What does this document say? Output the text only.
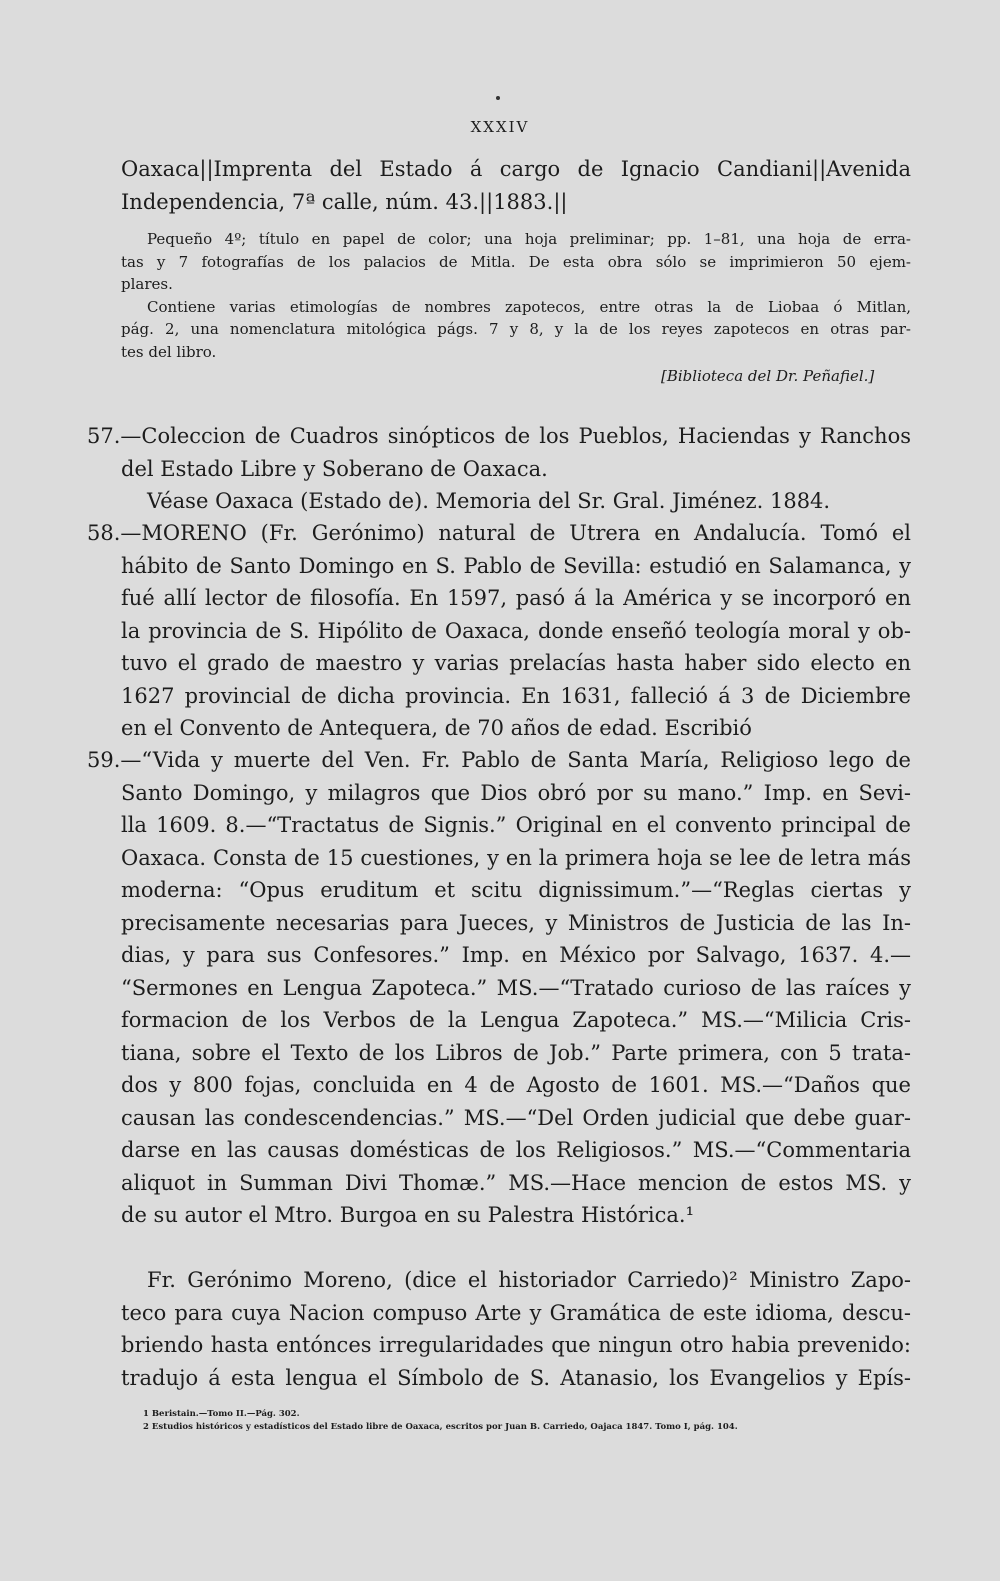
XXXIV
Oaxaca||Imprenta del Estado á cargo de Ignacio Candiani||Avenida
Independencia, 7ª calle, núm. 43.||1883.||
Pequeño 4º; título en papel de color; una hoja preliminar; pp. 1–81, una hoja de erra-
tas y 7 fotografías de los palacios de Mitla. De esta obra sólo se imprimieron 50 ejem-
plares.
Contiene varias etimologías de nombres zapotecos, entre otras la de Liobaa ó Mitlan,
pág. 2, una nomenclatura mitológica págs. 7 y 8, y la de los reyes zapotecos en otras par-
tes del libro.
[Biblioteca del Dr. Peñafiel.]
57.—Coleccion de Cuadros sinópticos de los Pueblos, Haciendas y Ranchos
del Estado Libre y Soberano de Oaxaca.
Véase Oaxaca (Estado de). Memoria del Sr. Gral. Jiménez. 1884.
58.—MORENO (Fr. Gerónimo) natural de Utrera en Andalucía. Tomó el
hábito de Santo Domingo en S. Pablo de Sevilla: estudió en Salamanca, y
fué allí lector de filosofía. En 1597, pasó á la América y se incorporó en
la provincia de S. Hipólito de Oaxaca, donde enseñó teología moral y ob-
tuvo el grado de maestro y varias prelacías hasta haber sido electo en
1627 provincial de dicha provincia. En 1631, falleció á 3 de Diciembre
en el Convento de Antequera, de 70 años de edad. Escribió
59.—“Vida y muerte del Ven. Fr. Pablo de Santa María, Religioso lego de
Santo Domingo, y milagros que Dios obró por su mano.” Imp. en Sevi-
lla 1609. 8.—“Tractatus de Signis.” Original en el convento principal de
Oaxaca. Consta de 15 cuestiones, y en la primera hoja se lee de letra más
moderna: “Opus eruditum et scitu dignissimum.”—“Reglas ciertas y
precisamente necesarias para Jueces, y Ministros de Justicia de las In-
dias, y para sus Confesores.” Imp. en México por Salvago, 1637. 4.—
“Sermones en Lengua Zapoteca.” MS.—“Tratado curioso de las raíces y
formacion de los Verbos de la Lengua Zapoteca.” MS.—“Milicia Cris-
tiana, sobre el Texto de los Libros de Job.” Parte primera, con 5 trata-
dos y 800 fojas, concluida en 4 de Agosto de 1601. MS.—“Daños que
causan las condescendencias.” MS.—“Del Orden judicial que debe guar-
darse en las causas domésticas de los Religiosos.” MS.—“Commentaria
aliquot in Summan Divi Thomæ.” MS.—Hace mencion de estos MS. y
de su autor el Mtro. Burgoa en su Palestra Histórica.¹
Fr. Gerónimo Moreno, (dice el historiador Carriedo)² Ministro Zapo-
teco para cuya Nacion compuso Arte y Gramática de este idioma, descu-
briendo hasta entónces irregularidades que ningun otro habia prevenido:
tradujo á esta lengua el Símbolo de S. Atanasio, los Evangelios y Epís-
1 Beristain.—Tomo II.—Pág. 302.
2 Estudios históricos y estadísticos del Estado libre de Oaxaca, escritos por Juan B. Carriedo, Oajaca 1847. Tomo I, pág. 104.
